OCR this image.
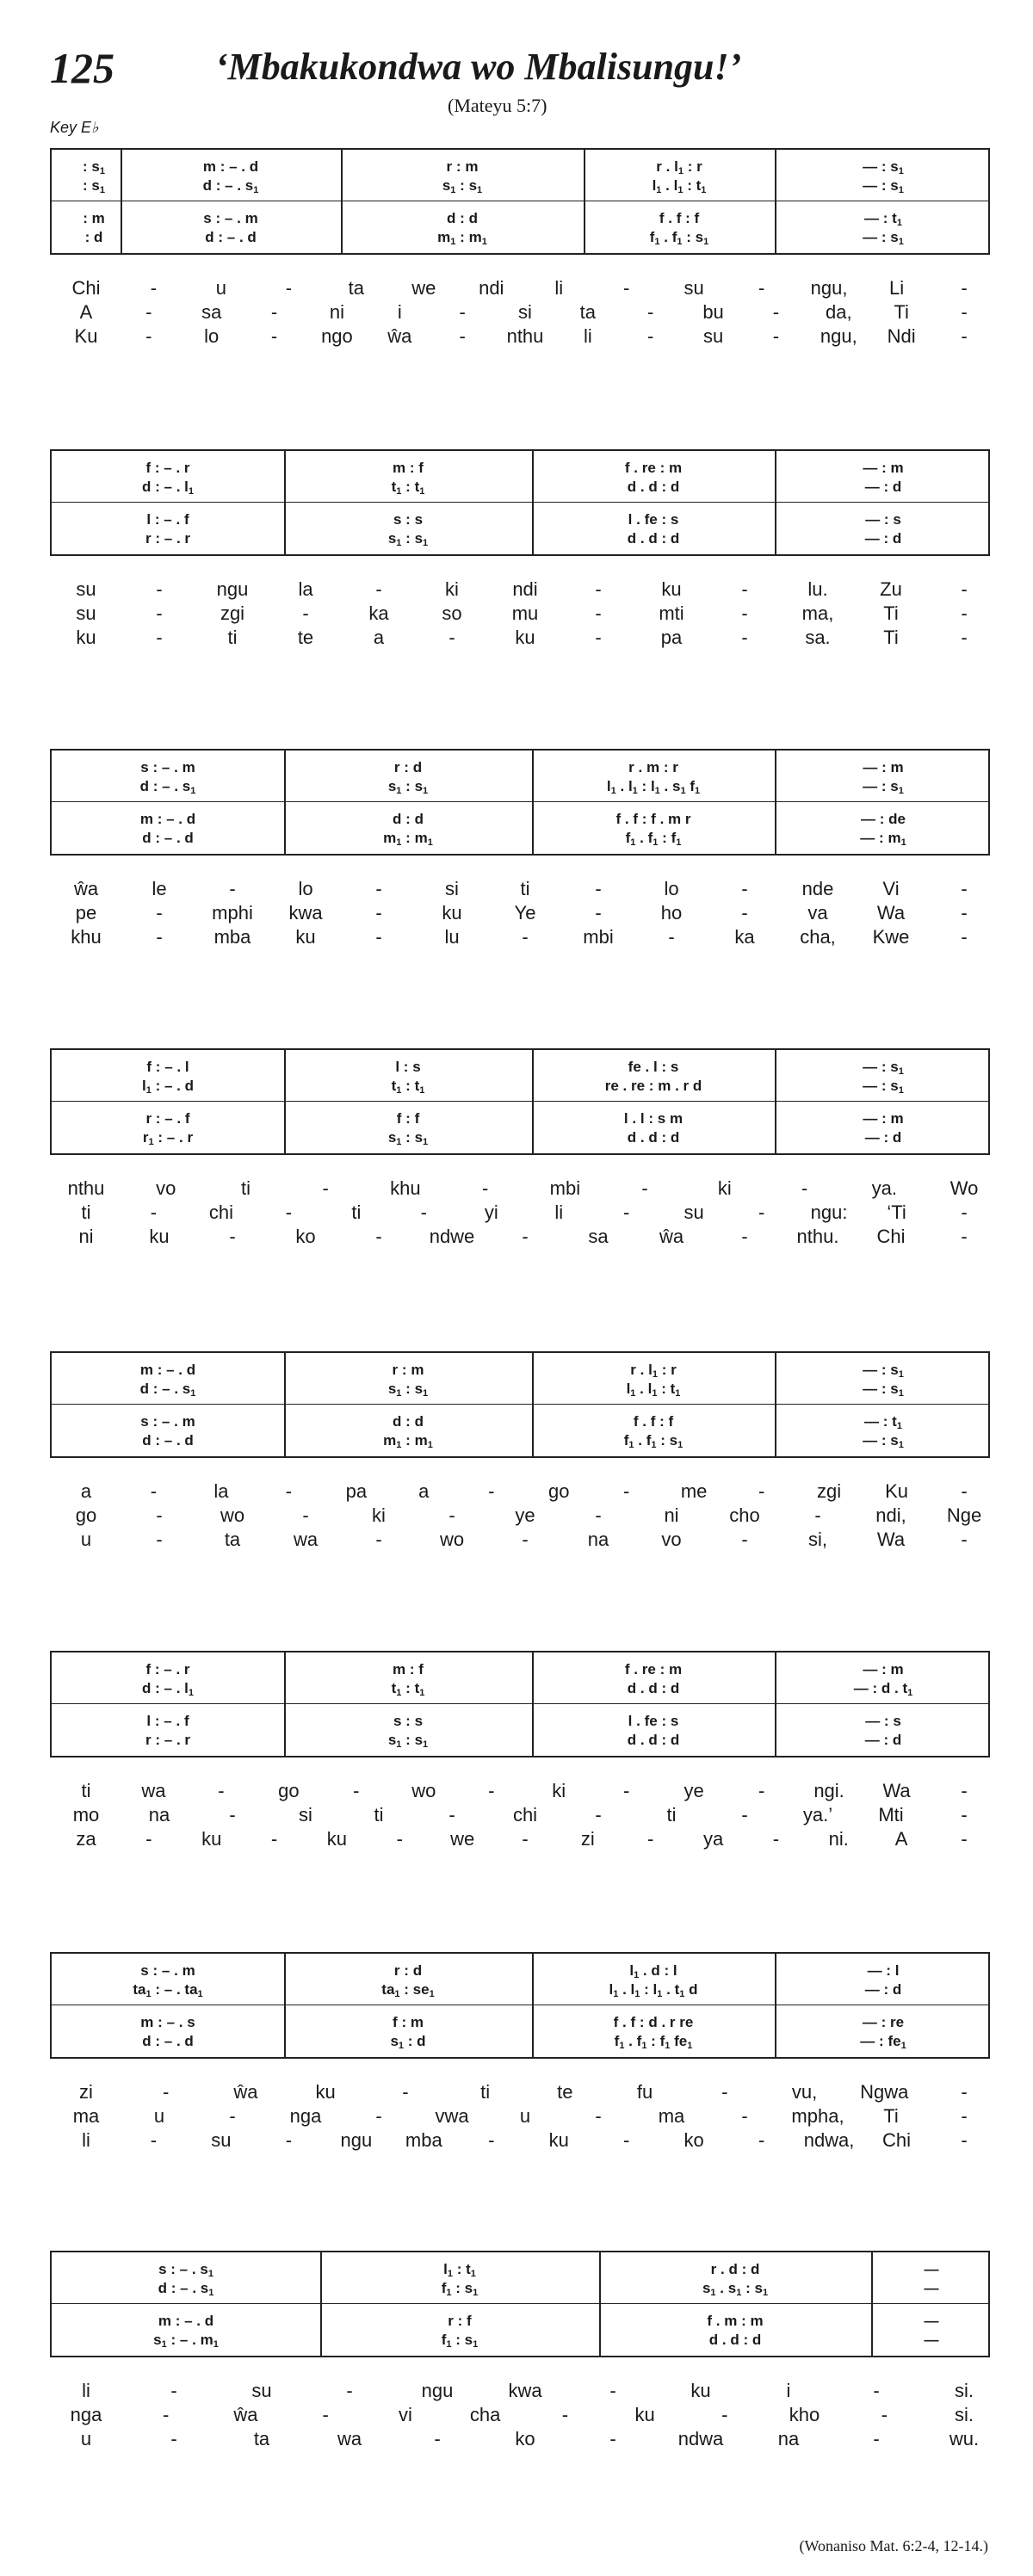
125	‘Mbakukondwa wo Mbalisungu!’
(Mateyu 5:7)
Key E♭
: $s_1$	m : – . d	r : m	r . $l_1$ : r	— : $s_1$
: $s_1$	d : – . $s_1$	$s_1$ : $s_1$	$l_1$ . $l_1$ : $t_1$	— : $s_1$
: m	s : – . m	d : d	f . f : f	— : $t_1$
: d	d : – . d	$m_1$ : $m_1$	$f_1$ . $f_1$ : $s_1$	— : $s_1$
Chi	-	u	-	ta	we ndi	li	-	su	- ngu, Li	-
A	-	sa	-	ni	i	-	si	ta	-	bu	- da, Ti	-
Ku	-	lo	- ngo ŵa	- nthu li	-	su	- ngu, Ndi -
f : – . r	m : f	f . re : m	— : m
d : – . $l_1$	$t_1$ : $t_1$	d . d : d	— : d
l : – . f	s : s	l . fe : s	— : s
r : – . r	$s_1$ : $s_1$	d . d : d	— : d
su	-	ngu	la	-	ki	ndi	-	ku	-	lu.	Zu	-
su	-	zgi	-	ka	so	mu	-	mti	-	ma,	Ti	-
ku	-	ti	te	a	-	ku	-	pa	-	sa.	Ti	-
s : – . m	r : d	r . m : r	— : m
d : – . $s_1$	$s_1$ : $s_1$	$l_1$ . $l_1$ : $l_1$ . $s_1$ $f_1$	— : $s_1$
m : – . d	d : d	f . f : f . m r	— : de
d : – . d	$m_1$ : $m_1$	$f_1$ . $f_1$ : $f_1$	— : $m_1$
ŵa	le	-	lo	-	si	ti	-	lo	-	nde	Vi	-
pe	-	mphi kwa	-	ku	Ye	-	ho	-	va	Wa	-
khu	-	mba ku	-	lu	-	mbi	-	ka cha, Kwe	-
f : – . l	l : s	fe . l : s	— : $s_1$
$l_1$ : – . d	$t_1$ : $t_1$	re . re : m . r d	— : $s_1$
r : – . f	f : f	l . l : s m	— : m
$r_1$ : – . r	$s_1$ : $s_1$	d . d : d	— : d
nthu	vo	ti	-	khu	-	mbi	-	ki	-	ya.	Wo
ti	-	chi	-	ti	-	yi	li	-	su	- ngu: ‘Ti	-
ni	ku	-	ko	-	ndwe	-	sa	ŵa	-	nthu. Chi	-
m : – . d	r : m	r . $l_1$ : r	— : $s_1$
d : – . $s_1$	$s_1$ : $s_1$	$l_1$ . $l_1$ : $t_1$	— : $s_1$
s : – . m	d : d	f . f : f	— : $t_1$
d : – . d	$m_1$ : $m_1$	$f_1$ . $f_1$ : $s_1$	— : $s_1$
a	-	la	-	pa	a	-	go	-	me	-	zgi Ku	-
go	-	wo	-	ki	-	ye	-	ni	cho	-	ndi, Nge
u	-	ta	wa	-	wo	-	na	vo	-	si,	Wa	-
f : – . r	m : f	f . re : m	— : m
d : – . $l_1$	$t_1$ : $t_1$	d . d : d	— : d . $t_1$
l : – . f	s : s	l . fe : s	— : s
r : – . r	$s_1$ : $s_1$	d . d : d	— : d
ti	wa	-	go	-	wo	-	ki	-	ye	-	ngi. Wa	-
mo	na	-	si	ti	-	chi	-	ti	-	ya.’ Mti	-
za	-	ku	-	ku	-	we	-	zi	-	ya	-	ni. A	-
s : – . m	r : d	$l_1$ . d : l	— : l
$ta_1$ : – . $ta_1$	$ta_1$ : $se_1$	$l_1$ . $l_1$ : $l_1$ . $t_1$ d	— : d
m : – . s	f : m	f . f : d . r re	— : re
d : – . d	$s_1$ : d	$f_1$ . $f_1$ : $f_1$ $fe_1$	— : $fe_1$
zi	-	ŵa	ku	-	ti	te	fu	-	vu, Ngwa	-
ma	u	-	nga	-	vwa	u	-	ma	- mpha, Ti	-
li	-	su	-	ngu mba -	ku	-	ko	- ndwa, Chi	-
s : – . $s_1$	$l_1$ : $t_1$	r . d : d	—
d : – . $s_1$	$f_1$ : $s_1$	$s_1$ . $s_1$ : $s_1$	—
m : – . d	r : f	f . m : m	—
$s_1$ : – . $m_1$	$f_1$ : $s_1$	d . d : d	—
li	-	su	-	ngu	kwa	-	ku	i	-	si.
nga	-	ŵa	-	vi	cha	-	ku	-	kho	-	si.
u	-	ta	wa	-	ko	-	ndwa	na	-	wu.
(Wonaniso Mat. 6:2-4, 12-14.)
